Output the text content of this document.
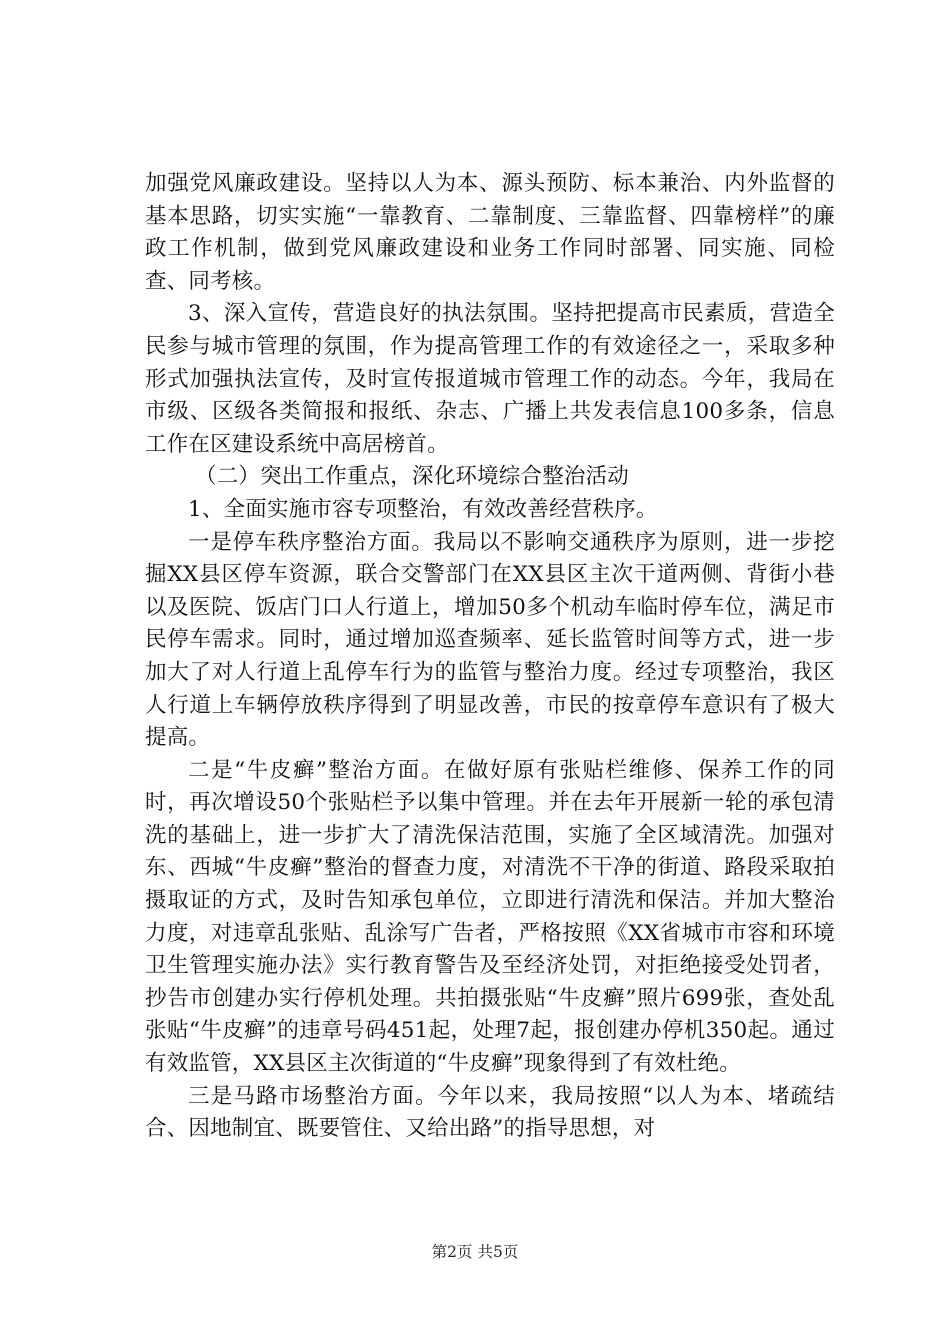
加强党风廉政建设。坚持以人为本、源头预防、标本兼治、内外监督的基本思路，切实实施“一靠教育、二靠制度、三靠监督、四靠榜样”的廉政工作机制，做到党风廉政建设和业务工作同时部署、同实施、同检查、同考核。

3、深入宣传，营造良好的执法氛围。坚持把提高市民素质，营造全民参与城市管理的氛围，作为提高管理工作的有效途径之一，采取多种形式加强执法宣传，及时宣传报道城市管理工作的动态。今年，我局在市级、区级各类简报和报纸、杂志、广播上共发表信息100多条，信息工作在区建设系统中高居榜首。

（二）突出工作重点，深化环境综合整治活动

1、全面实施市容专项整治，有效改善经营秩序。

一是停车秩序整治方面。我局以不影响交通秩序为原则，进一步挖掘XX县区停车资源，联合交警部门在XX县区主次干道两侧、背街小巷以及医院、饭店门口人行道上，增加50多个机动车临时停车位，满足市民停车需求。同时，通过增加巡查频率、延长监管时间等方式，进一步加大了对人行道上乱停车行为的监管与整治力度。经过专项整治，我区人行道上车辆停放秩序得到了明显改善，市民的按章停车意识有了极大提高。

二是“牛皮癣”整治方面。在做好原有张贴栏维修、保养工作的同时，再次增设50个张贴栏予以集中管理。并在去年开展新一轮的承包清洗的基础上，进一步扩大了清洗保洁范围，实施了全区域清洗。加强对东、西城“牛皮癣”整治的督查力度，对清洗不干净的街道、路段采取拍摄取证的方式，及时告知承包单位，立即进行清洗和保洁。并加大整治力度，对违章乱张贴、乱涂写广告者，严格按照《XX省城市市容和环境卫生管理实施办法》实行教育警告及至经济处罚，对拒绝接受处罚者，抄告市创建办实行停机处理。共拍摄张贴“牛皮癣”照片699张，查处乱张贴“牛皮癣”的违章号码451起，处理7起，报创建办停机350起。通过有效监管，XX县区主次街道的“牛皮癣”现象得到了有效杜绝。

三是马路市场整治方面。今年以来，我局按照“以人为本、堵疏结合、因地制宜、既要管住、又给出路”的指导思想，对

第2页 共5页
